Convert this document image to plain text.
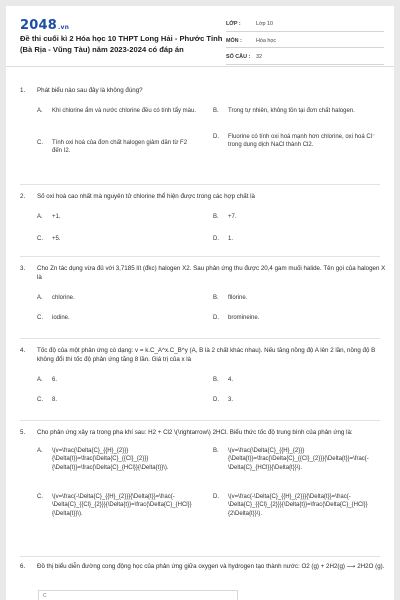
2048.vn
Đề thi cuối kì 2 Hóa học 10 THPT Long Hải - Phước Tỉnh (Bà Rịa - Vũng Tàu) năm 2023-2024 có đáp án
LỚP :	Lớp 10
MÔN :	Hóa học
SỐ CÂU :	32
1.	Phát biểu nào sau đây là không đúng?
A.	Khi chlorine ẩm và nước chlorine đều có tính tẩy màu.	B.	Trong tự nhiên, không tồn tại đơn chất halogen.
C.	Tính oxi hoá của đơn chất halogen giảm dần từ F2 đến I2.
D.	Fluorine có tính oxi hoá mạnh hơn chlorine, oxi hoá Cl⁻ trong dung dịch NaCl thành Cl2.
2.	Số oxi hoá cao nhất mà nguyên tử chlorine thể hiện được trong các hợp chất là
A.	+1.	B.	+7.
C.	+5.	D.	1.
3.	Cho Zn tác dụng vừa đủ với 3,7185 lít (đkc) halogen X2. Sau phản ứng thu được 20,4 gam muối halide. Tên gọi của halogen X là
A.	chlorine.	B.	fllorine.
C.	iodine.	D.	bromineine.
4.	Tốc độ của một phản ứng có dạng: v = k.C_A^x.C_B^y (A, B là 2 chất khác nhau). Nếu tăng nồng độ A lên 2 lần, nồng độ B không đổi thì tốc độ phản ứng tăng 8 lần. Giá trị của x là
A.	6.	B.	4.
C.	8.	D.	3.
5.	Cho phản ứng xảy ra trong pha khí sau: H2 + Cl2 \(\rightarrow\) 2HCl. Biểu thức tốc độ trung bình của phản ứng là:
A.	\(v=\frac{\Delta{C}_{{H}_{2}}}{\Delta{t}}=\frac{\Delta{C}_{{Cl}_{2}}}{\Delta{t}}=\frac{\Delta{C}_{HCl}}{\Delta{t}}\).
B.	\(v=\frac{\Delta{C}_{{H}_{2}}}{\Delta{t}}=\frac{\Delta{C}_{{Cl}_{2}}}{\Delta{t}}=\frac{-\Delta{C}_{HCl}}{\Delta{t}}\).
C.	\(v=\frac{-\Delta{C}_{{H}_{2}}}{\Delta{t}}=\frac{-\Delta{C}_{{Cl}_{2}}}{\Delta{t}}=\frac{\Delta{C}_{HCl}}{\Delta{t}}\).
D.	\(v=\frac{-\Delta{C}_{{H}_{2}}}{\Delta{t}}=\frac{-\Delta{C}_{{Cl}_{2}}}{\Delta{t}}=\frac{\Delta{C}_{HCl}}{2\Delta{t}}\).
6.	Đồ thị biểu diễn đường cong động học của phản ứng giữa oxygen và hydrogen tạo thành nước: O2 (g) + 2H2(g) ⟶ 2H2O (g).
C
